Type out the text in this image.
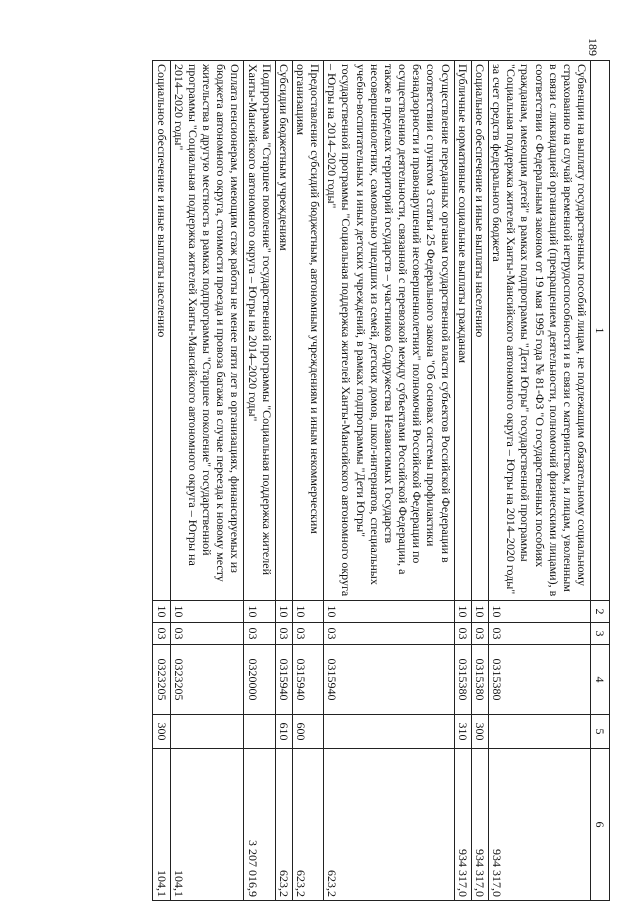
189
1	2	3	4	5	6
Субвенции на выплату государственных пособий лицам, не подлежащим обязательному социальному страхованию на случай временной нетрудоспособности и в связи с материнством, и лицам, уволенным в связи с ликвидацией организаций (прекращением деятельности, полномочий физическими лицами), в соответствии с Федеральным законом от 19 мая 1995 года № 81-ФЗ "О государственных пособиях гражданам, имеющим детей" в рамках подпрограммы "Дети Югры" государственной программы "Социальная поддержка жителей Ханты-Мансийского автономного округа – Югры на 2014–2020 годы" за счет средств федерального бюджета	10	03	0315380		934 317,0
Социальное обеспечение и иные выплаты населению	10	03	0315380	300	934 317,0
Публичные нормативные социальные выплаты гражданам	10	03	0315380	310	934 317,0
Осуществление переданных органам государственной власти субъектов Российской Федерации в соответствии с пунктом 3 статьи 25 Федерального закона "Об основах системы профилактики безнадзорности и правонарушений несовершеннолетних" полномочий Российской Федерации по осуществлению деятельности, связанной с перевозкой между субъектами Российской Федерации, а также в пределах территорий государств – участников Содружества Независимых Государств несовершеннолетних, самовольно ушедших из семей, детских домов, школ-интернатов, специальных учебно-воспитательных и иных детских учреждений, в рамках подпрограммы "Дети Югры" государственной программы "Социальная поддержка жителей Ханты-Мансийского автономного округа – Югры на 2014–2020 годы"	10	03	0315940		623,2
Предоставление субсидий бюджетным, автономным учреждениям и иным некоммерческим организациям	10	03	0315940	600	623,2
Субсидии бюджетным учреждениям	10	03	0315940	610	623,2
Подпрограмма "Старшее поколение" государственной программы "Социальная поддержка жителей Ханты-Мансийского автономного округа – Югры на 2014–2020 годы"	10	03	0320000		3 207 016,9
Оплата пенсионерам, имеющим стаж работы не менее пяти лет в организациях, финансируемых из бюджета автономного округа, стоимости проезда и провоза багажа в случае переезда к новому месту жительства в другую местность в рамках подпрограммы "Старшее поколение" государственной программы "Социальная поддержка жителей Ханты-Мансийского автономного округа – Югры на 2014–2020 годы"	10	03	0323205		104,1
Социальное обеспечение и иные выплаты населению	10	03	0323205	300	104,1
